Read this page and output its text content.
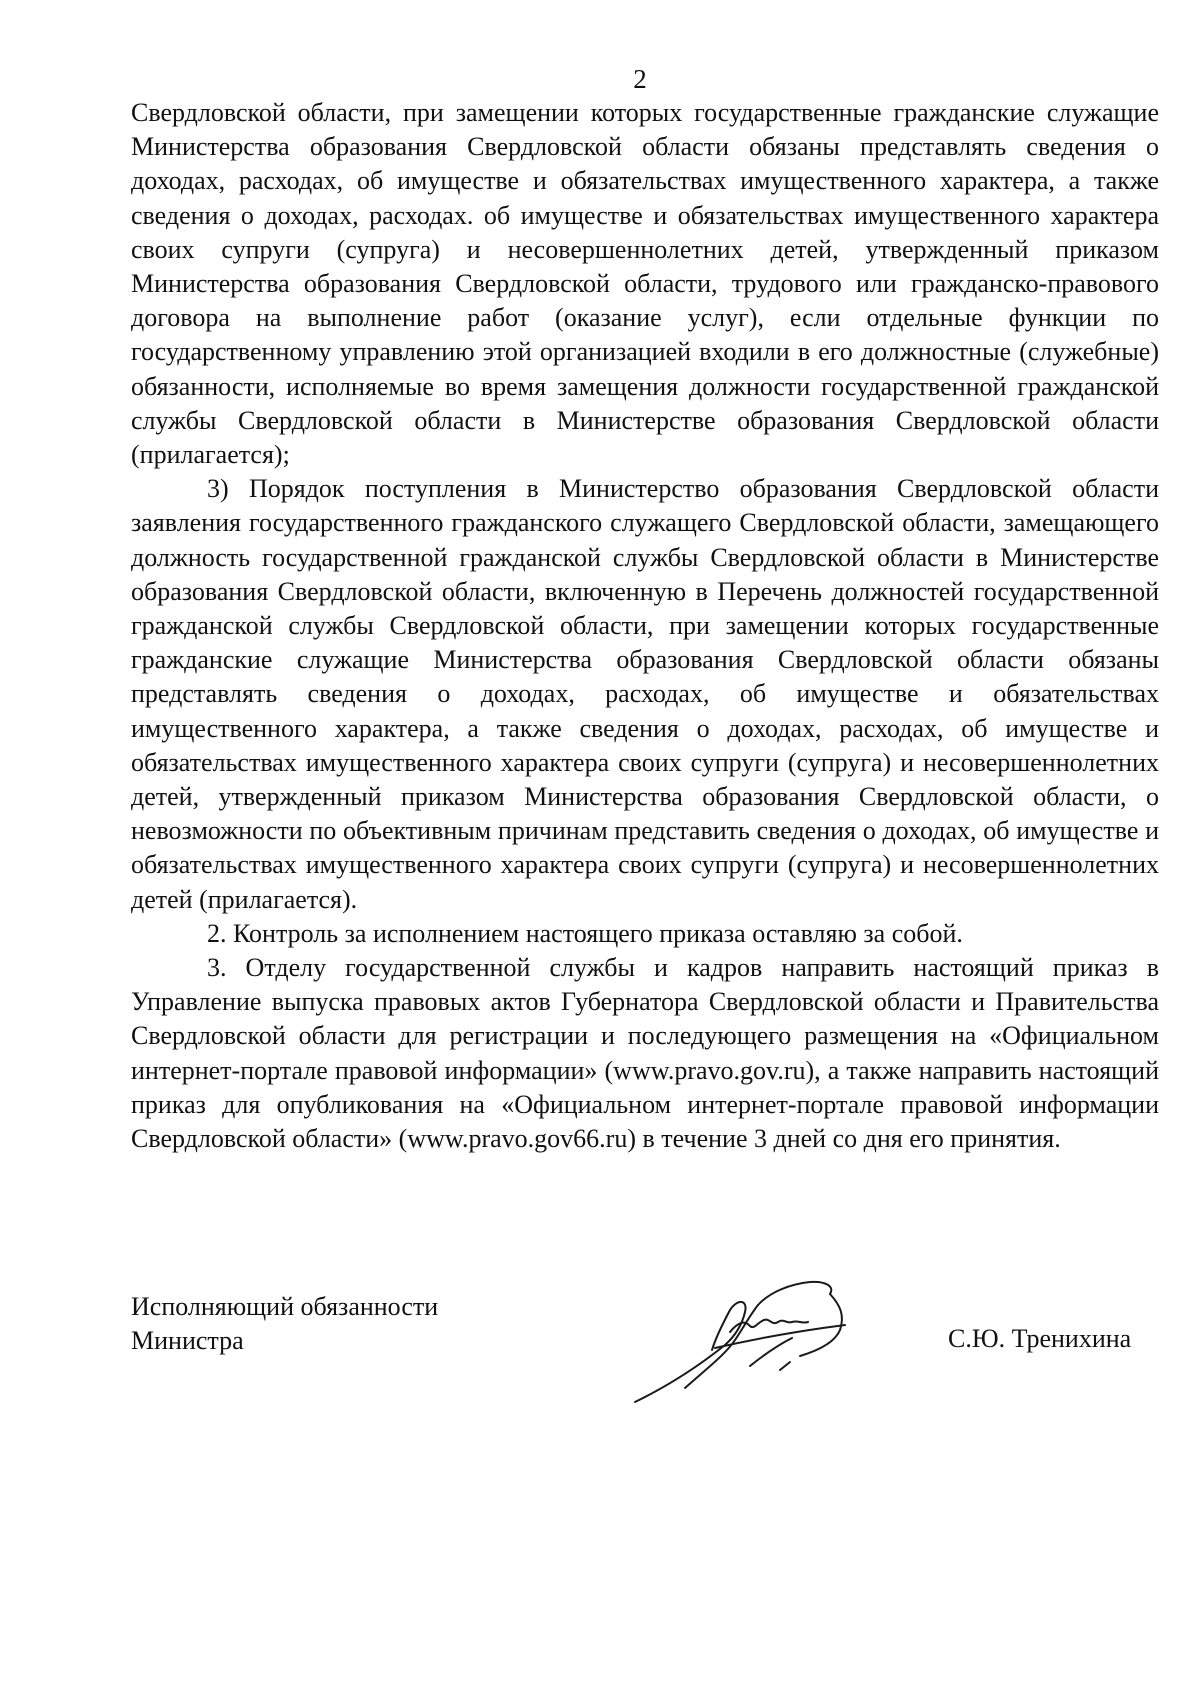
2

Свердловской области, при замещении которых государственные гражданские служащие Министерства образования Свердловской области обязаны представлять сведения о доходах, расходах, об имуществе и обязательствах имущественного характера, а также сведения о доходах, расходах. об имуществе и обязательствах имущественного характера своих супруги (супруга) и несовершеннолетних детей, утвержденный приказом Министерства образования Свердловской области, трудового или гражданско-правового договора на выполнение работ (оказание услуг), если отдельные функции по государственному управлению этой организацией входили в его должностные (служебные) обязанности, исполняемые во время замещения должности государственной гражданской службы Свердловской области в Министерстве образования Свердловской области (прилагается);

3) Порядок поступления в Министерство образования Свердловской области заявления государственного гражданского служащего Свердловской области, замещающего должность государственной гражданской службы Свердловской области в Министерстве образования Свердловской области, включенную в Перечень должностей государственной гражданской службы Свердловской области, при замещении которых государственные гражданские служащие Министерства образования Свердловской области обязаны представлять сведения о доходах, расходах, об имуществе и обязательствах имущественного характера, а также сведения о доходах, расходах, об имуществе и обязательствах имущественного характера своих супруги (супруга) и несовершеннолетних детей, утвержденный приказом Министерства образования Свердловской области, о невозможности по объективным причинам представить сведения о доходах, об имуществе и обязательствах имущественного характера своих супруги (супруга) и несовершеннолетних детей (прилагается).

2. Контроль за исполнением настоящего приказа оставляю за собой.

3. Отделу государственной службы и кадров направить настоящий приказ в Управление выпуска правовых актов Губернатора Свердловской области и Правительства Свердловской области для регистрации и последующего размещения на «Официальном интернет-портале правовой информации» (www.pravo.gov.ru), а также направить настоящий приказ для опубликования на «Официальном интернет-портале правовой информации Свердловской области» (www.pravo.gov66.ru) в течение 3 дней со дня его принятия.

Исполняющий обязанности
Министра	С.Ю. Тренихина
